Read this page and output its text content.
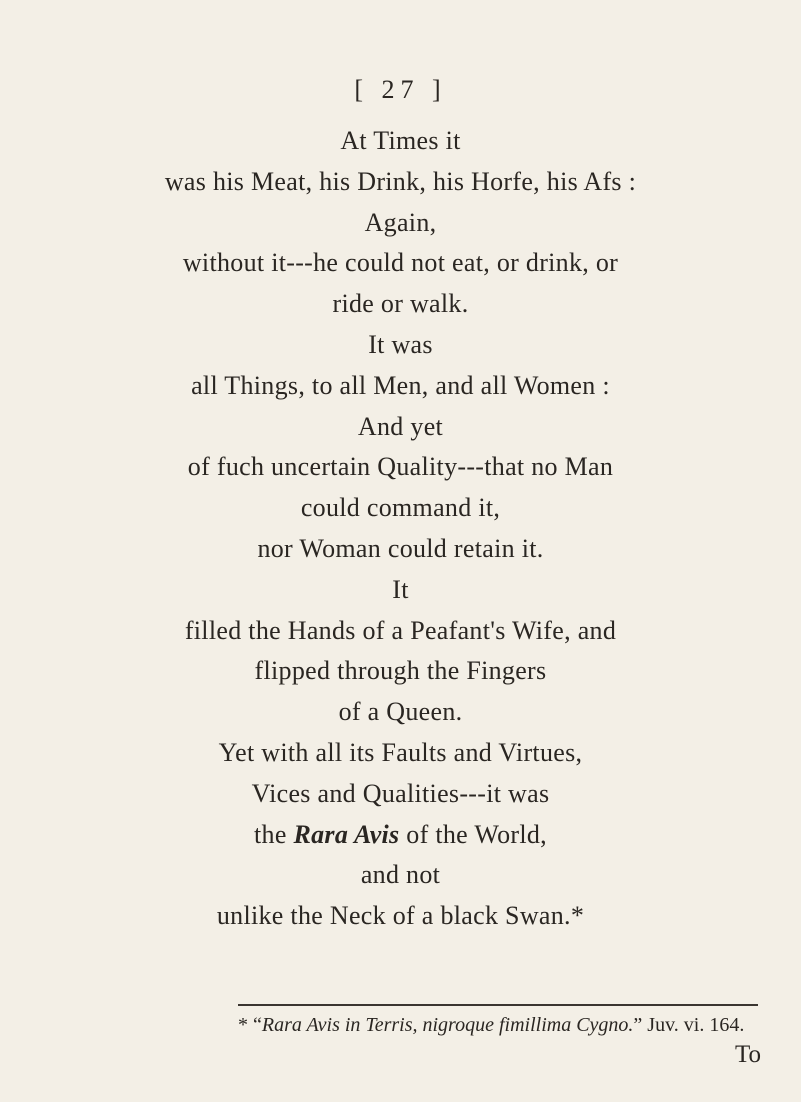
[ 27 ]
At Times it
was his Meat, his Drink, his Horfe, his Afs :
Again,
without it---he could not eat, or drink, or
ride or walk.
It was
all Things, to all Men, and all Women :
And yet
of fuch uncertain Quality---that no Man
could command it,
nor Woman could retain it.
It
filled the Hands of a Peafant's Wife, and
flipped through the Fingers
of a Queen.
Yet with all its Faults and Virtues,
Vices and Qualities---it was
the Rara Avis of the World,
and not
unlike the Neck of a black Swan.*
* “Rara Avis in Terris, nigroque fimillima Cygno.” Juv. vi. 164.
To
